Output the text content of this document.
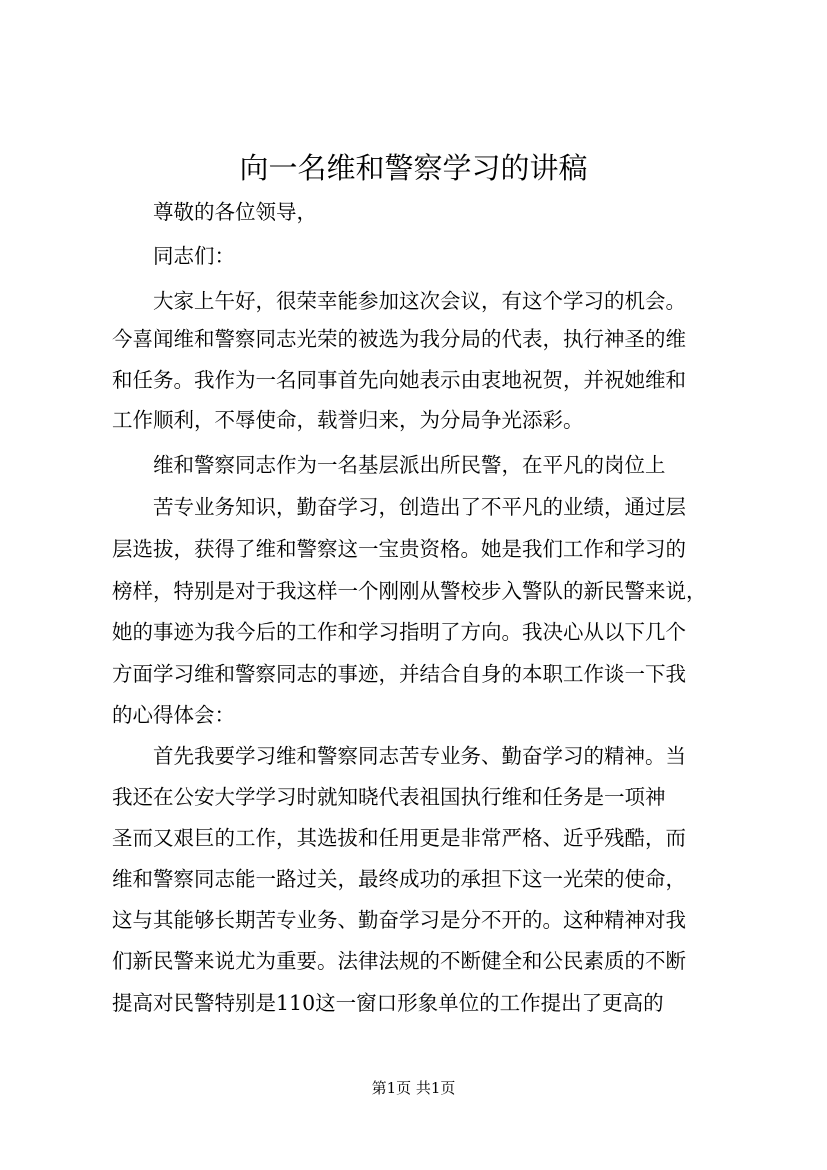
向一名维和警察学习的讲稿
尊敬的各位领导，
同志们：
大家上午好，很荣幸能参加这次会议，有这个学习的机会。
今喜闻维和警察同志光荣的被选为我分局的代表，执行神圣的维
和任务。我作为一名同事首先向她表示由衷地祝贺，并祝她维和
工作顺利，不辱使命，载誉归来，为分局争光添彩。
维和警察同志作为一名基层派出所民警，在平凡的岗位上
苦专业务知识，勤奋学习，创造出了不平凡的业绩，通过层
层选拔，获得了维和警察这一宝贵资格。她是我们工作和学习的
榜样，特别是对于我这样一个刚刚从警校步入警队的新民警来说，
她的事迹为我今后的工作和学习指明了方向。我决心从以下几个
方面学习维和警察同志的事迹，并结合自身的本职工作谈一下我
的心得体会：
首先我要学习维和警察同志苦专业务、勤奋学习的精神。当
我还在公安大学学习时就知晓代表祖国执行维和任务是一项神
圣而又艰巨的工作，其选拔和任用更是非常严格、近乎残酷，而
维和警察同志能一路过关，最终成功的承担下这一光荣的使命，
这与其能够长期苦专业务、勤奋学习是分不开的。这种精神对我
们新民警来说尤为重要。法律法规的不断健全和公民素质的不断
提高对民警特别是110这一窗口形象单位的工作提出了更高的
第1页 共1页
